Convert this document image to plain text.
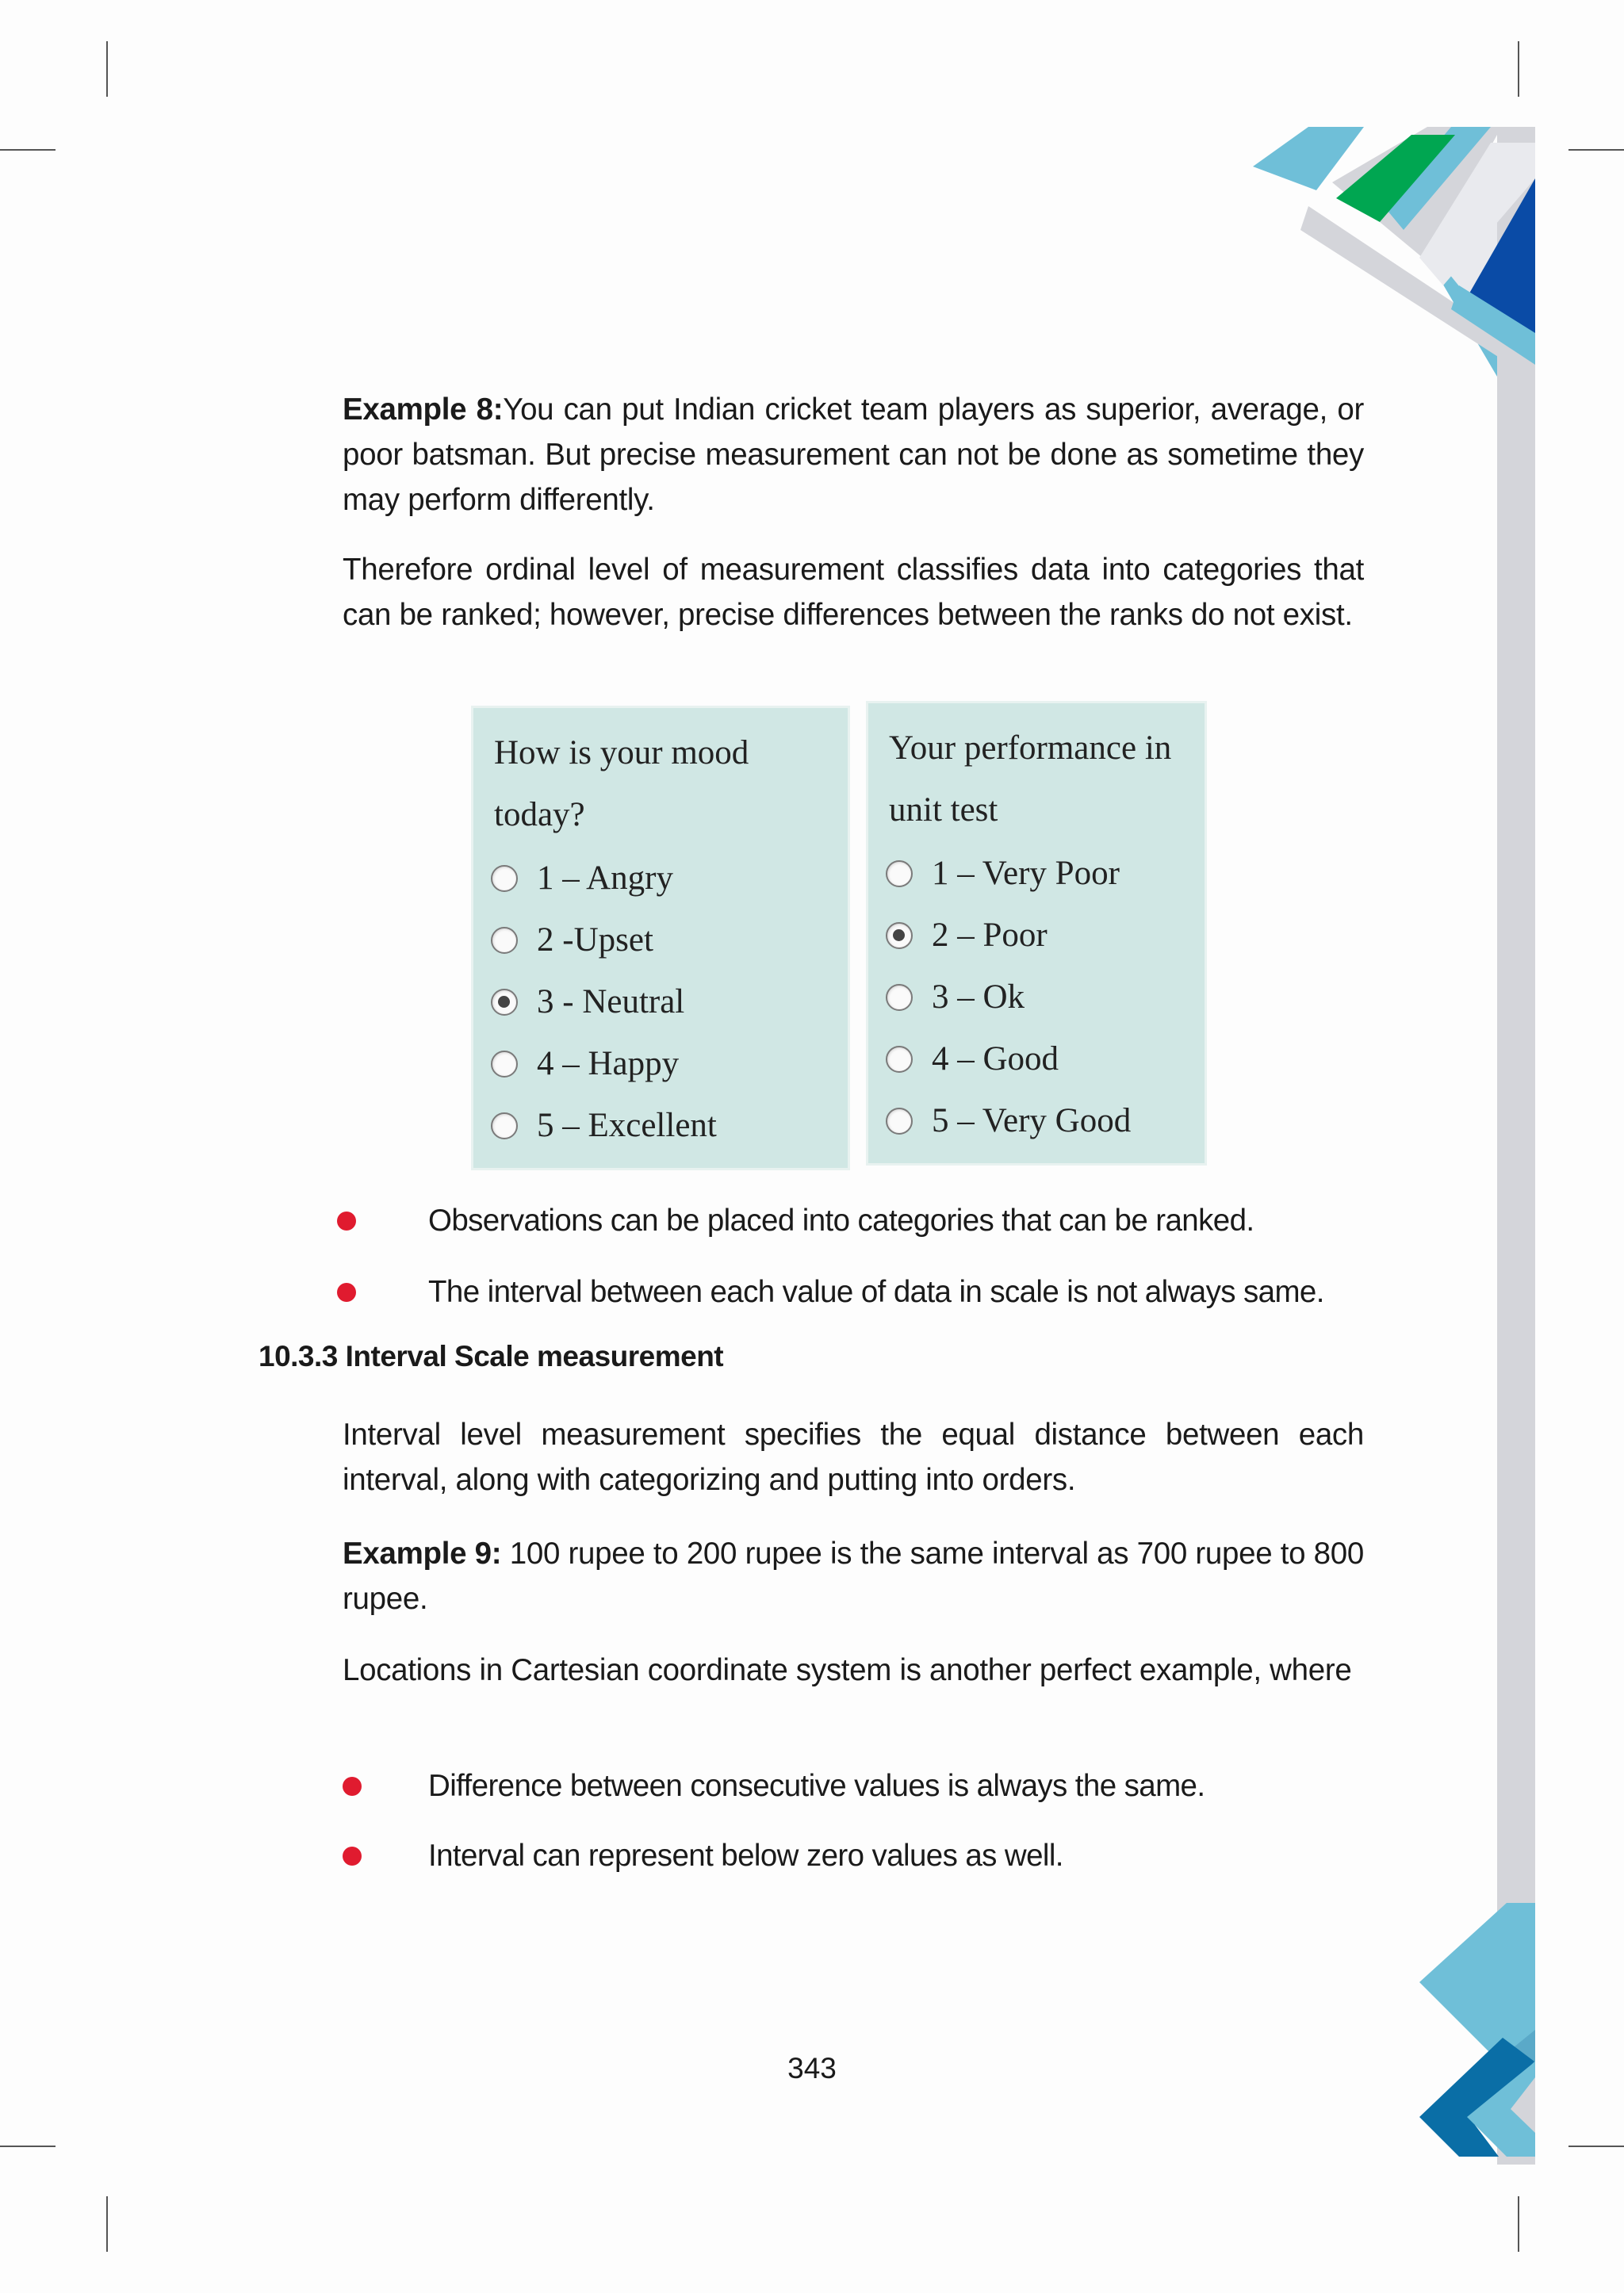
Example 8:You can put Indian cricket team players as superior, average, or poor batsman. But precise measurement can not be done as sometime they may perform differently.

Therefore ordinal level of measurement classifies data into categories that can be ranked; however, precise differences between the ranks do not exist.

How is your mood
today?
1 – Angry
2 -Upset
3 - Neutral
4 – Happy
5 – Excellent
Your performance in
unit test
1 – Very Poor
2 – Poor
3 – Ok
4 – Good
5 – Very Good

Observations can be placed into categories that can be ranked.

The interval between each value of data in scale is not always same.

10.3.3 Interval Scale measurement

Interval level measurement specifies the equal distance between each interval, along with categorizing and putting into orders.

Example 9: 100 rupee to 200 rupee is the same interval as 700 rupee to 800 rupee.

Locations in Cartesian coordinate system is another perfect example, where

Difference between consecutive values is always the same.

Interval can represent below zero values as well.

343
